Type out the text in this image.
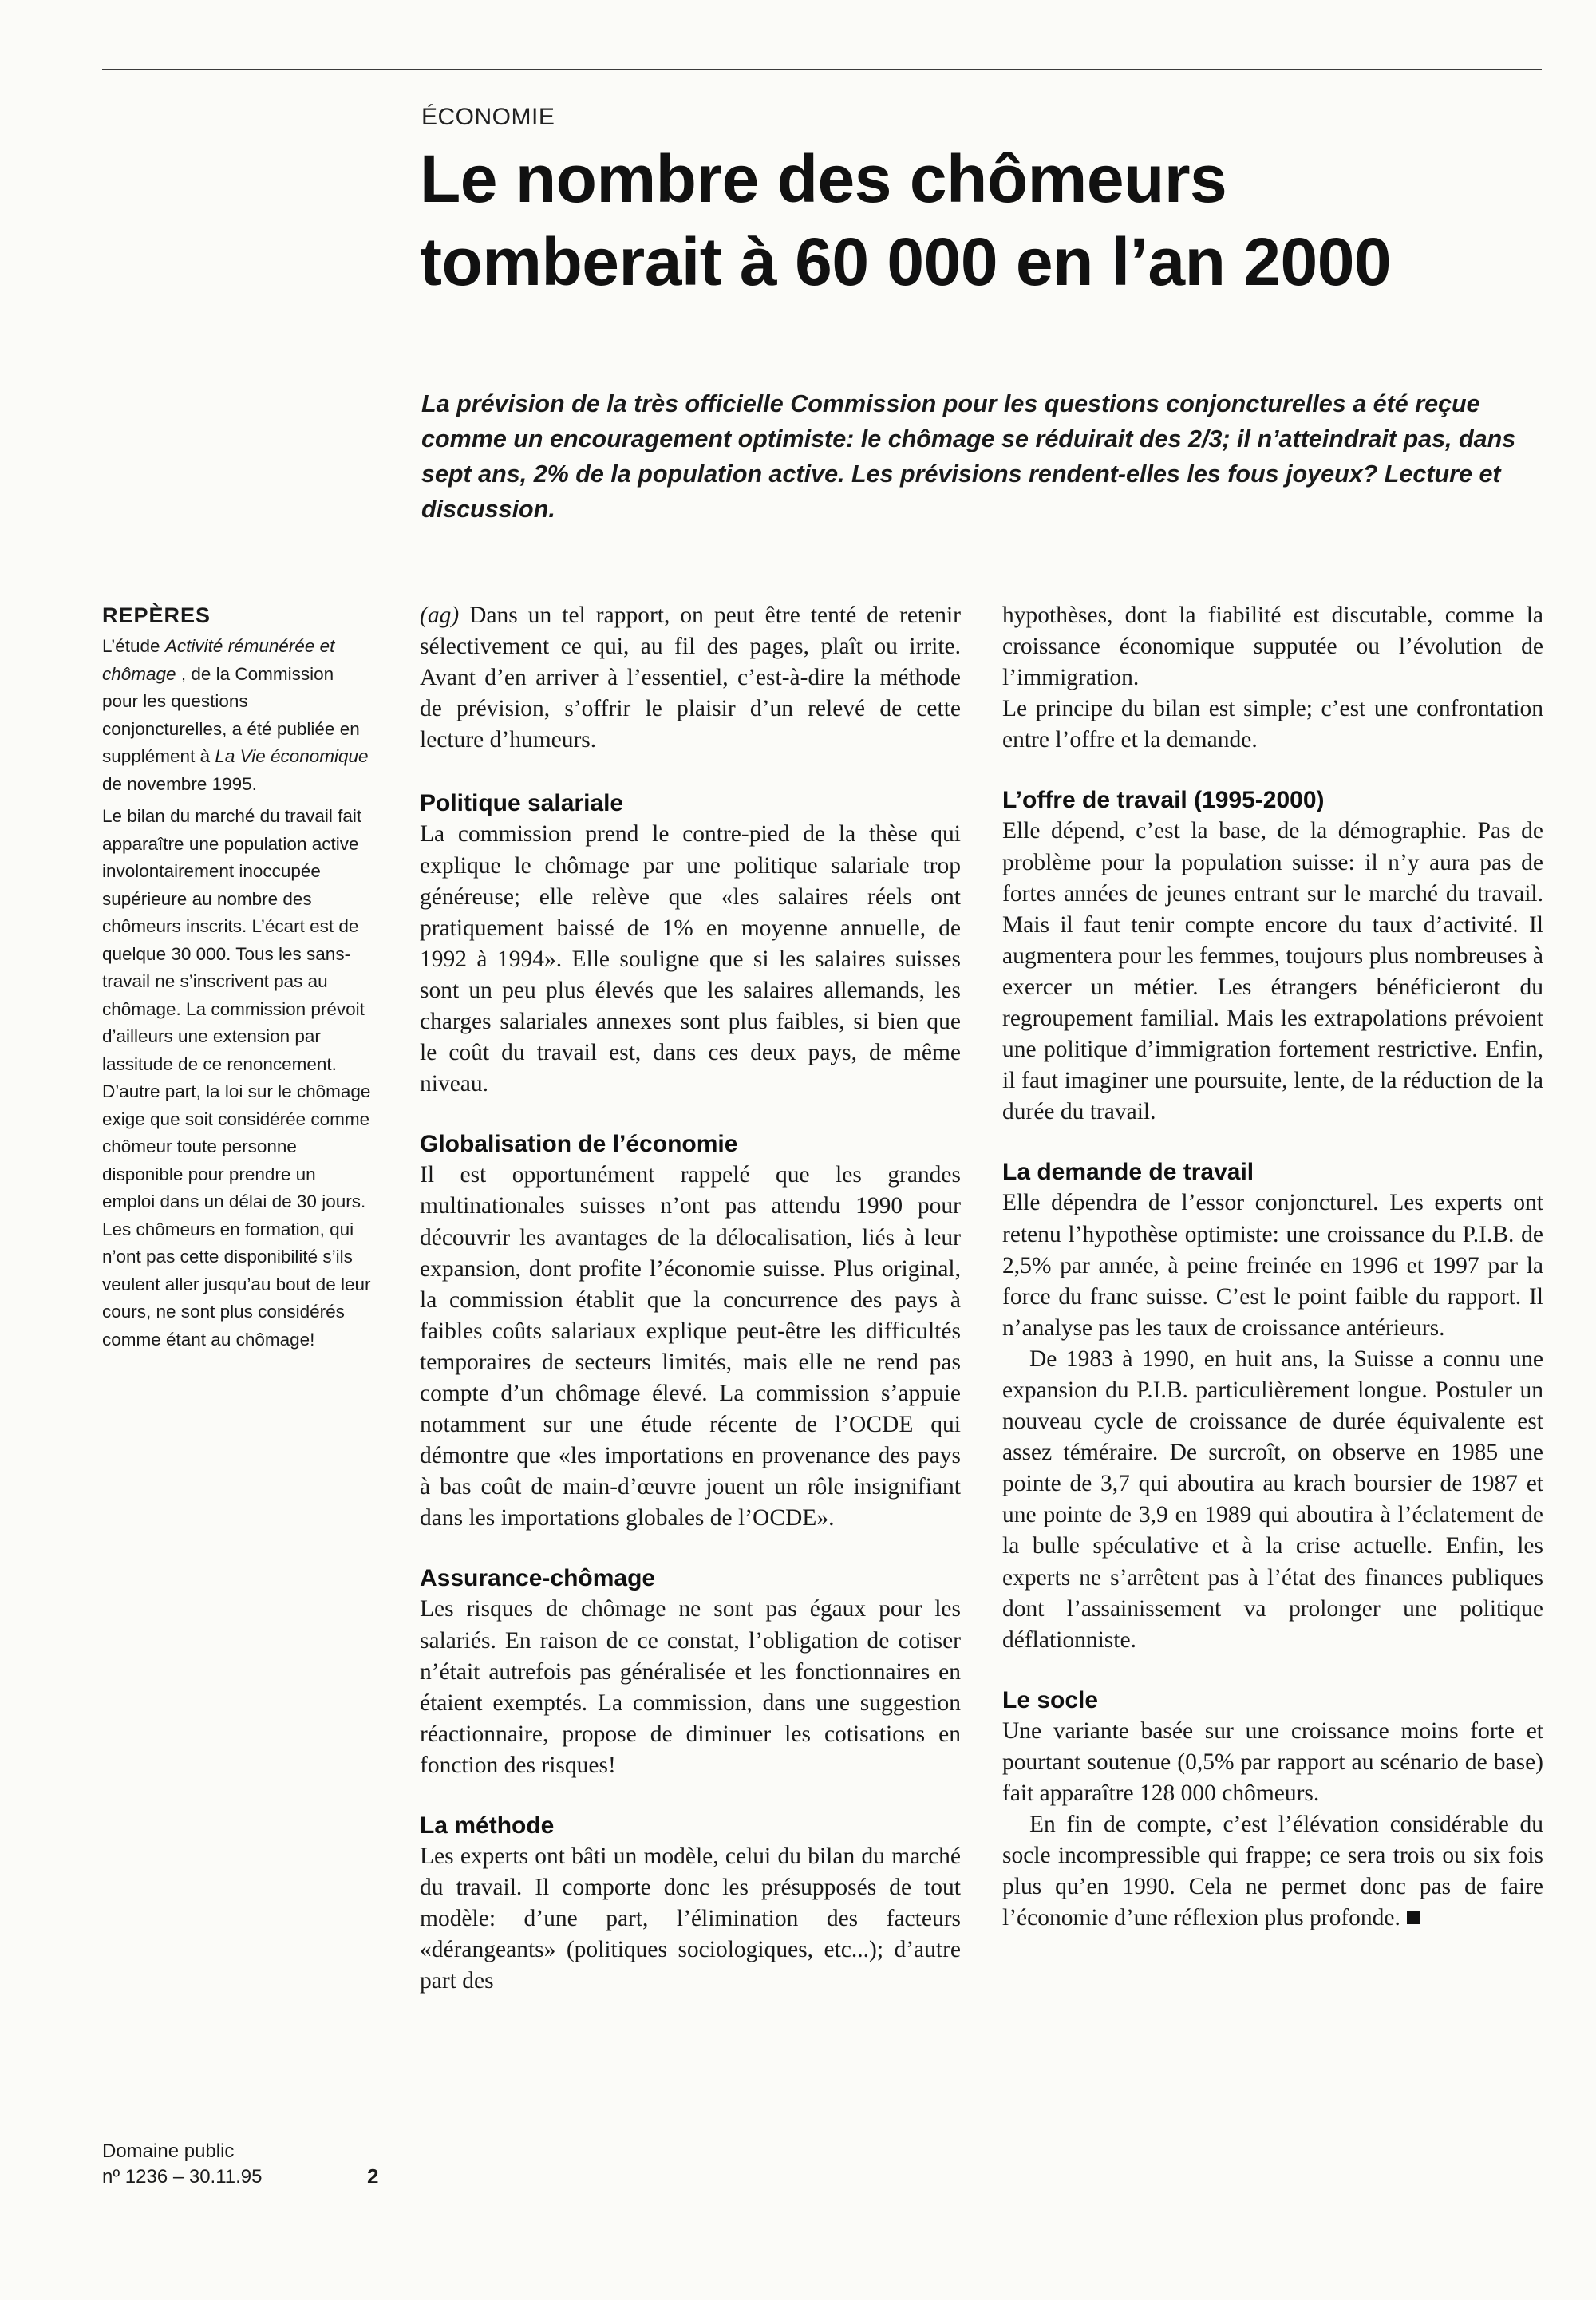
ÉCONOMIE
Le nombre des chômeurs
tomberait à 60 000 en l’an 2000

La prévision de la très officielle Commission pour les questions conjoncturelles a été reçue comme un encouragement optimiste: le chômage se réduirait des 2/3; il n’atteindrait pas, dans sept ans, 2% de la population active. Les prévisions rendent-elles les fous joyeux? Lecture et discussion.

REPÈRES

L’étude Activité rémunérée et chômage , de la Commission pour les questions conjoncturelles, a été publiée en supplément à La Vie économique de novembre 1995.

Le bilan du marché du travail fait apparaître une population active involontairement inoccupée supérieure au nombre des chômeurs inscrits. L’écart est de quelque 30 000. Tous les sans-travail ne s’inscrivent pas au chômage. La commission prévoit d’ailleurs une extension par lassitude de ce renoncement. D’autre part, la loi sur le chômage exige que soit considérée comme chômeur toute personne disponible pour prendre un emploi dans un délai de 30 jours. Les chômeurs en formation, qui n’ont pas cette disponibilité s’ils veulent aller jusqu’au bout de leur cours, ne sont plus considérés comme étant au chômage!

Domaine public
nº 1236 – 30.11.95	2

(ag) Dans un tel rapport, on peut être tenté de retenir sélectivement ce qui, au fil des pages, plaît ou irrite. Avant d’en arriver à l’essentiel, c’est-à-dire la méthode de prévision, s’offrir le plaisir d’un relevé de cette lecture d’humeurs.

Politique salariale

La commission prend le contre-pied de la thèse qui explique le chômage par une politique salariale trop généreuse; elle relève que «les salaires réels ont pratiquement baissé de 1% en moyenne annuelle, de 1992 à 1994». Elle souligne que si les salaires suisses sont un peu plus élevés que les salaires allemands, les charges salariales annexes sont plus faibles, si bien que le coût du travail est, dans ces deux pays, de même niveau.

Globalisation de l’économie

Il est opportunément rappelé que les grandes multinationales suisses n’ont pas attendu 1990 pour découvrir les avantages de la délocalisation, liés à leur expansion, dont profite l’économie suisse. Plus original, la commission établit que la concurrence des pays à faibles coûts salariaux explique peut-être les difficultés temporaires de secteurs limités, mais elle ne rend pas compte d’un chômage élevé. La commission s’appuie notamment sur une étude récente de l’OCDE qui démontre que «les importations en provenance des pays à bas coût de main-d’œuvre jouent un rôle insignifiant dans les importations globales de l’OCDE».

Assurance-chômage

Les risques de chômage ne sont pas égaux pour les salariés. En raison de ce constat, l’obligation de cotiser n’était autrefois pas généralisée et les fonctionnaires en étaient exemptés. La commission, dans une suggestion réactionnaire, propose de diminuer les cotisations en fonction des risques!

La méthode

Les experts ont bâti un modèle, celui du bilan du marché du travail. Il comporte donc les présupposés de tout modèle: d’une part, l’élimination des facteurs «dérangeants» (politiques sociologiques, etc...); d’autre part des

hypothèses, dont la fiabilité est discutable, comme la croissance économique supputée ou l’évolution de l’immigration.

Le principe du bilan est simple; c’est une confrontation entre l’offre et la demande.

L’offre de travail (1995-2000)

Elle dépend, c’est la base, de la démographie. Pas de problème pour la population suisse: il n’y aura pas de fortes années de jeunes entrant sur le marché du travail. Mais il faut tenir compte encore du taux d’activité. Il augmentera pour les femmes, toujours plus nombreuses à exercer un métier. Les étrangers bénéficieront du regroupement familial. Mais les extrapolations prévoient une politique d’immigration fortement restrictive. Enfin, il faut imaginer une poursuite, lente, de la réduction de la durée du travail.

La demande de travail

Elle dépendra de l’essor conjoncturel. Les experts ont retenu l’hypothèse optimiste: une croissance du P.I.B. de 2,5% par année, à peine freinée en 1996 et 1997 par la force du franc suisse. C’est le point faible du rapport. Il n’analyse pas les taux de croissance antérieurs.

De 1983 à 1990, en huit ans, la Suisse a connu une expansion du P.I.B. particulièrement longue. Postuler un nouveau cycle de croissance de durée équivalente est assez téméraire. De surcroît, on observe en 1985 une pointe de 3,7 qui aboutira au krach boursier de 1987 et une pointe de 3,9 en 1989 qui aboutira à l’éclatement de la bulle spéculative et à la crise actuelle. Enfin, les experts ne s’arrêtent pas à l’état des finances publiques dont l’assainissement va prolonger une politique déflationniste.

Le socle

Une variante basée sur une croissance moins forte et pourtant soutenue (0,5% par rapport au scénario de base) fait apparaître 128 000 chômeurs.

En fin de compte, c’est l’élévation considérable du socle incompressible qui frappe; ce sera trois ou six fois plus qu’en 1990. Cela ne permet donc pas de faire l’économie d’une réflexion plus profonde.
